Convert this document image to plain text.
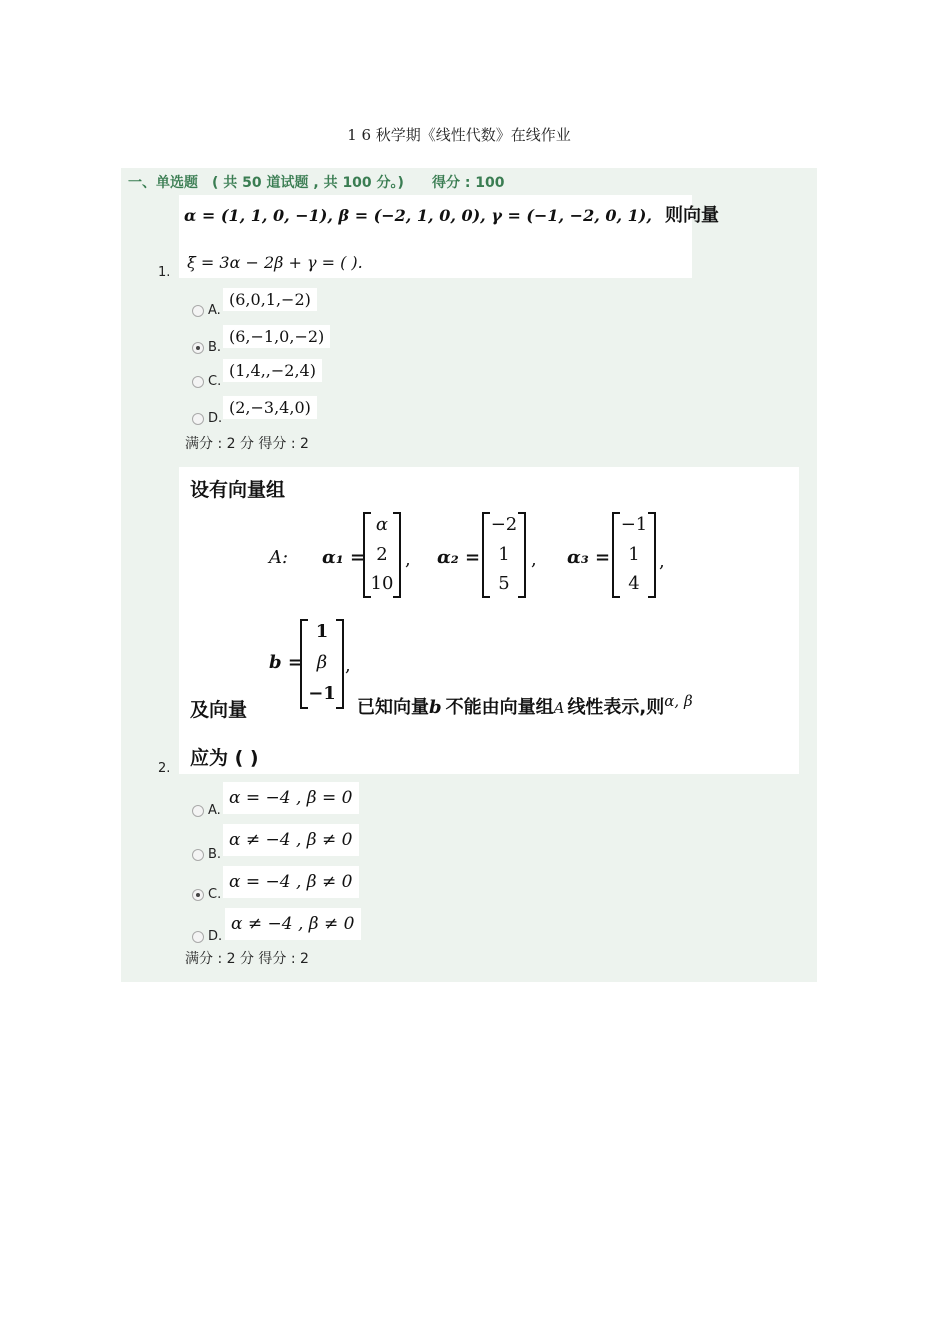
1 6 秋学期《线性代数》在线作业
一、单选题 ( 共 50 道试题 , 共 100 分。) 得分 : 100
1.
α = (1, 1, 0, −1), β = (−2, 1, 0, 0), γ = (−1, −2, 0, 1), 则向量
ξ = 3α − 2β + γ = ( ).
A.
(6,0,1,−2)
B.
(6,−1,0,−2)
C.
(1,4,,−2,4)
D.
(2,−3,4,0)
满分 : 2 分 得分 : 2
2.
设有向量组
A: α₁ =
α
2
10
, α₂ =
−2
1
5
, α₃ =
−1
1
4
,
b =
1
β
−1
,
及向量	已知向量b 不能由向量组A 线性表示,则α, β
应为 ( )
A.
α = −4 , β = 0
B.
α ≠ −4 , β ≠ 0
C.
α = −4 , β ≠ 0
D.
α ≠ −4 , β ≠ 0
满分 : 2 分 得分 : 2
